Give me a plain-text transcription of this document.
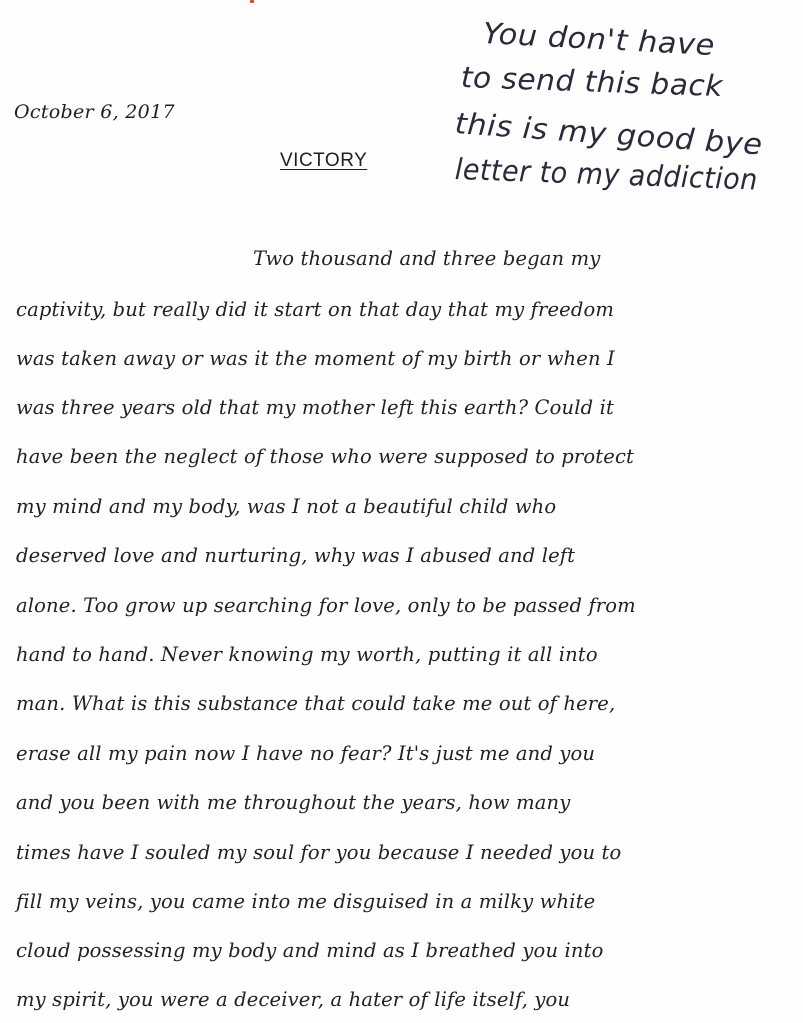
October 6, 2017
VICTORY
You don't have
to send this back
this is my good bye
letter to my addiction
Two thousand and three began my
captivity, but really did it start on that day that my freedom
was taken away or was it the moment of my birth or when I
was three years old that my mother left this earth? Could it
have been the neglect of those who were supposed to protect
my mind and my body, was I not a beautiful child who
deserved love and nurturing, why was I abused and left
alone. Too grow up searching for love, only to be passed from
hand to hand. Never knowing my worth, putting it all into
man. What is this substance that could take me out of here,
erase all my pain now I have no fear? It's just me and you
and you been with me throughout the years, how many
times have I souled my soul for you because I needed you to
fill my veins, you came into me disguised in a milky white
cloud possessing my body and mind as I breathed you into
my spirit, you were a deceiver, a hater of life itself, you
